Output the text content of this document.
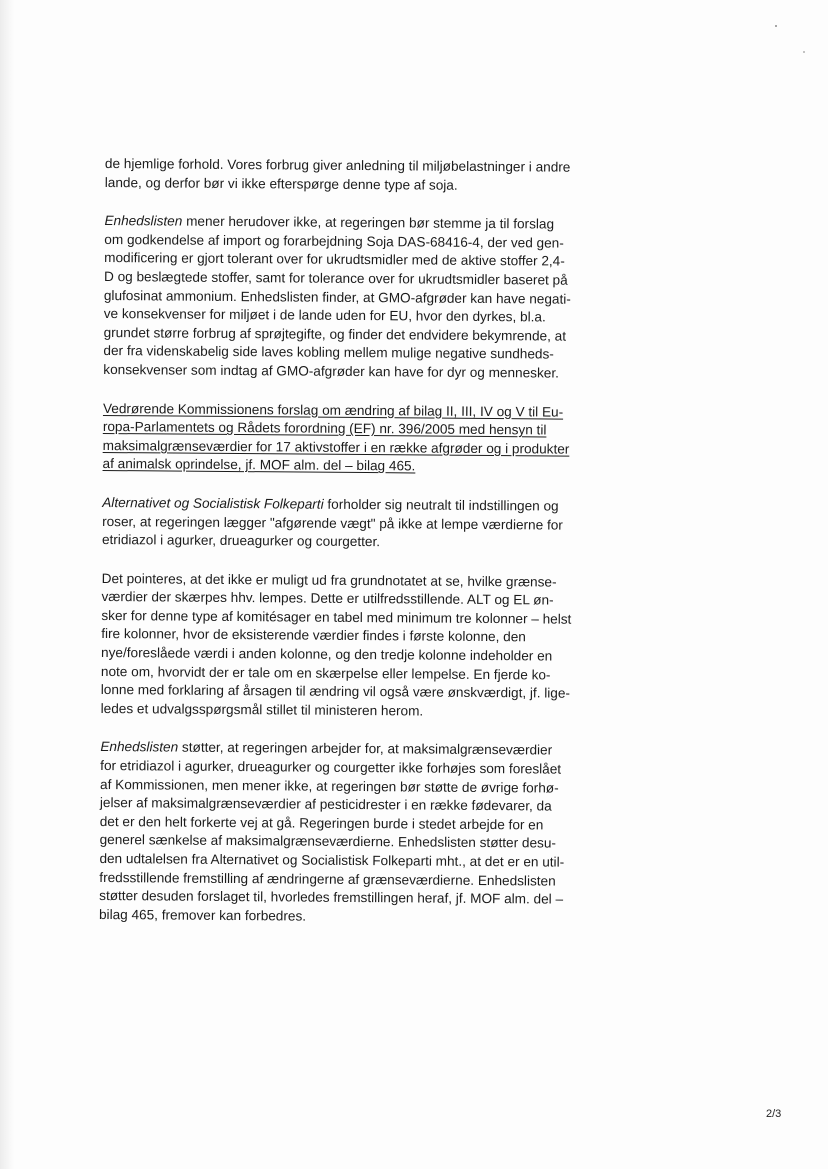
de hjemlige forhold. Vores forbrug giver anledning til miljøbelastninger i andre
lande, og derfor bør vi ikke efterspørge denne type af soja.

Enhedslisten mener herudover ikke, at regeringen bør stemme ja til forslag
om godkendelse af import og forarbejdning Soja DAS-68416-4, der ved gen-
modificering er gjort tolerant over for ukrudtsmidler med de aktive stoffer 2,4-
D og beslægtede stoffer, samt for tolerance over for ukrudtsmidler baseret på
glufosinat ammonium. Enhedslisten finder, at GMO-afgrøder kan have negati-
ve konsekvenser for miljøet i de lande uden for EU, hvor den dyrkes, bl.a.
grundet større forbrug af sprøjtegifte, og finder det endvidere bekymrende, at
der fra videnskabelig side laves kobling mellem mulige negative sundheds-
konsekvenser som indtag af GMO-afgrøder kan have for dyr og mennesker.

Vedrørende Kommissionens forslag om ændring af bilag II, III, IV og V til Eu-
ropa-Parlamentets og Rådets forordning (EF) nr. 396/2005 med hensyn til
maksimalgrænseværdier for 17 aktivstoffer i en række afgrøder og i produkter
af animalsk oprindelse, jf. MOF alm. del – bilag 465.

Alternativet og Socialistisk Folkeparti forholder sig neutralt til indstillingen og
roser, at regeringen lægger "afgørende vægt" på ikke at lempe værdierne for
etridiazol i agurker, drueagurker og courgetter.

Det pointeres, at det ikke er muligt ud fra grundnotatet at se, hvilke grænse-
værdier der skærpes hhv. lempes. Dette er utilfredsstillende. ALT og EL øn-
sker for denne type af komitésager en tabel med minimum tre kolonner – helst
fire kolonner, hvor de eksisterende værdier findes i første kolonne, den
nye/foreslåede værdi i anden kolonne, og den tredje kolonne indeholder en
note om, hvorvidt der er tale om en skærpelse eller lempelse. En fjerde ko-
lonne med forklaring af årsagen til ændring vil også være ønskværdigt, jf. lige-
ledes et udvalgsspørgsmål stillet til ministeren herom.

Enhedslisten støtter, at regeringen arbejder for, at maksimalgrænseværdier
for etridiazol i agurker, drueagurker og courgetter ikke forhøjes som foreslået
af Kommissionen, men mener ikke, at regeringen bør støtte de øvrige forhø-
jelser af maksimalgrænseværdier af pesticidrester i en række fødevarer, da
det er den helt forkerte vej at gå. Regeringen burde i stedet arbejde for en
generel sænkelse af maksimalgrænseværdierne. Enhedslisten støtter desu-
den udtalelsen fra Alternativet og Socialistisk Folkeparti mht., at det er en util-
fredsstillende fremstilling af ændringerne af grænseværdierne. Enhedslisten
støtter desuden forslaget til, hvorledes fremstillingen heraf, jf. MOF alm. del –
bilag 465, fremover kan forbedres.

2/3
